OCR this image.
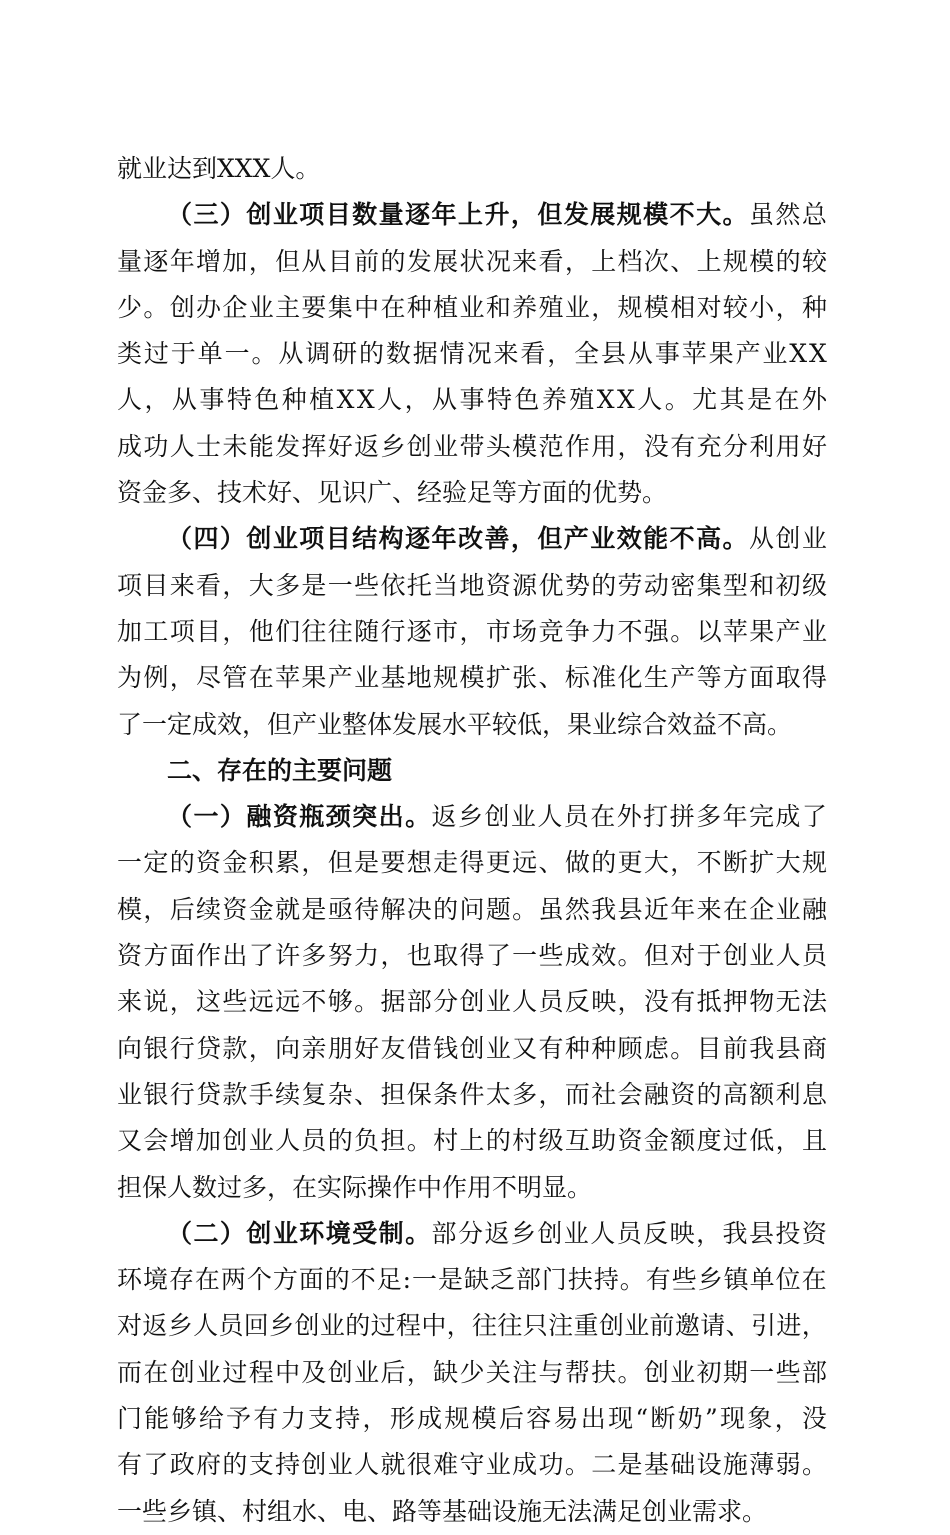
就业达到XXX人。
（ 三 ） 创 业 项 目 数 量 逐 年 上 升 ， 但 发 展 规 模 不 大 。 虽 然 总
量 逐 年 增 加 ， 但 从 目 前 的 发 展 状 况 来 看 ， 上 档 次 、 上 规 模 的 较
少 。 创 办 企 业 主 要 集 中 在 种 植 业 和 养 殖 业 ， 规 模 相 对 较 小 ， 种
类 过 于 单 一 。 从 调 研 的 数 据 情 况 来 看 ， 全 县 从 事 苹 果 产 业 X X
人 ， 从 事 特 色 种 植 X X 人 ， 从 事 特 色 养 殖 X X 人 。 尤 其 是 在 外
成 功 人 士 未 能 发 挥 好 返 乡 创 业 带 头 模 范 作 用 ， 没 有 充 分 利 用 好
资金多、技术好、见识广、经验足等方面的优势。
（ 四 ） 创 业 项 目 结 构 逐 年 改 善 ， 但 产 业 效 能 不 高 。 从 创 业
项 目 来 看 ， 大 多 是 一 些 依 托 当 地 资 源 优 势 的 劳 动 密 集 型 和 初 级
加 工 项 目 ， 他 们 往 往 随 行 逐 市 ， 市 场 竞 争 力 不 强 。 以 苹 果 产 业
为 例 ， 尽 管 在 苹 果 产 业 基 地 规 模 扩 张 、 标 准 化 生 产 等 方 面 取 得
了一定成效，但产业整体发展水平较低，果业综合效益不高。
二、存在的主要问题
（ 一 ） 融 资 瓶 颈 突 出 。 返 乡 创 业 人 员 在 外 打 拼 多 年 完 成 了
一 定 的 资 金 积 累 ， 但 是 要 想 走 得 更 远 、 做 的 更 大 ， 不 断 扩 大 规
模 ， 后 续 资 金 就 是 亟 待 解 决 的 问 题 。 虽 然 我 县 近 年 来 在 企 业 融
资 方 面 作 出 了 许 多 努 力 ， 也 取 得 了 一 些 成 效 。 但 对 于 创 业 人 员
来 说 ， 这 些 远 远 不 够 。 据 部 分 创 业 人 员 反 映 ， 没 有 抵 押 物 无 法
向 银 行 贷 款 ， 向 亲 朋 好 友 借 钱 创 业 又 有 种 种 顾 虑 。 目 前 我 县 商
业 银 行 贷 款 手 续 复 杂 、 担 保 条 件 太 多 ， 而 社 会 融 资 的 高 额 利 息
又 会 增 加 创 业 人 员 的 负 担 。 村 上 的 村 级 互 助 资 金 额 度 过 低 ， 且
担保人数过多，在实际操作中作用不明显。
（ 二 ） 创 业 环 境 受 制 。 部 分 返 乡 创 业 人 员 反 映 ， 我 县 投 资
环 境 存 在 两 个 方 面 的 不 足 : 一 是 缺 乏 部 门 扶 持 。 有 些 乡 镇 单 位 在
对 返 乡 人 员 回 乡 创 业 的 过 程 中 ， 往 往 只 注 重 创 业 前 邀 请 、 引 进 ，
而 在 创 业 过 程 中 及 创 业 后 ， 缺 少 关 注 与 帮 扶 。 创 业 初 期 一 些 部
门 能 够 给 予 有 力 支 持 ， 形 成 规 模 后 容 易 出 现 “ 断 奶 ” 现 象 ， 没
有 了 政 府 的 支 持 创 业 人 就 很 难 守 业 成 功 。 二 是 基 础 设 施 薄 弱 。
一些乡镇、村组水、电、路等基础设施无法满足创业需求。
